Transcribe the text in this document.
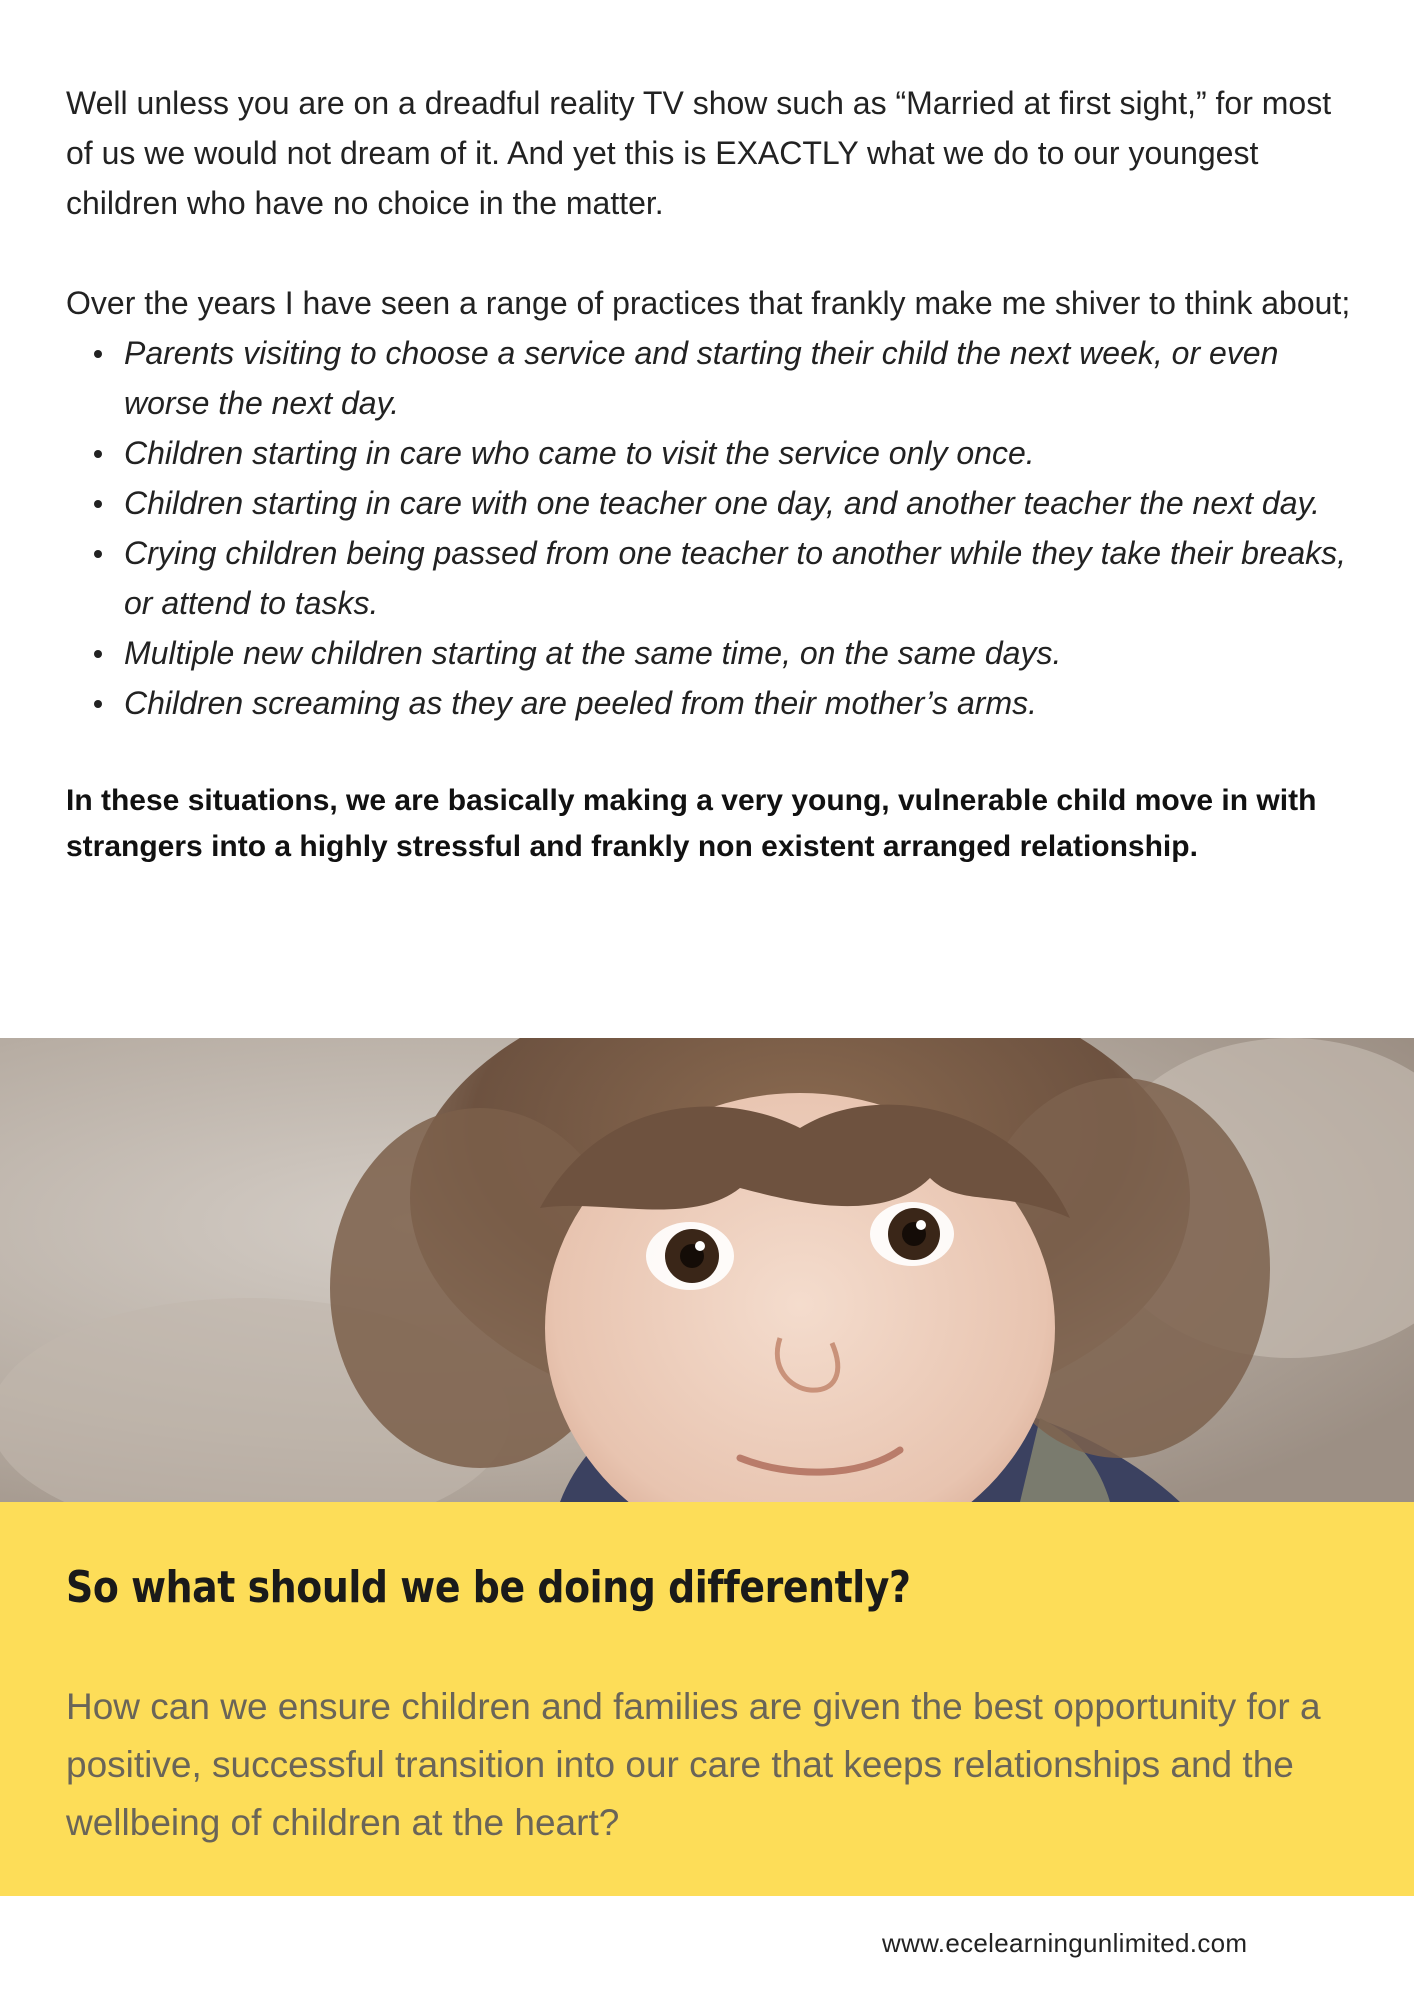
Well unless you are on a dreadful reality TV show such as “Married at first sight,” for most of us we would not dream of it. And yet this is EXACTLY what we do to our youngest children who have no choice in the matter.

Over the years I have seen a range of practices that frankly make me shiver to think about;

Parents visiting to choose a service and starting their child the next week, or even worse the next day.
Children starting in care who came to visit the service only once.
Children starting in care with one teacher one day, and another teacher the next day.
Crying children being passed from one teacher to another while they take their breaks, or attend to tasks.
Multiple new children starting at the same time, on the same days.
Children screaming as they are peeled from their mother’s arms.

In these situations, we are basically making a very young, vulnerable child move in with strangers into a highly stressful and frankly non existent arranged relationship.

So what should we be doing differently?

How can we ensure children and families are given the best opportunity for a positive, successful transition into our care that keeps relationships and the wellbeing of children at the heart?

www.ecelearningunlimited.com
